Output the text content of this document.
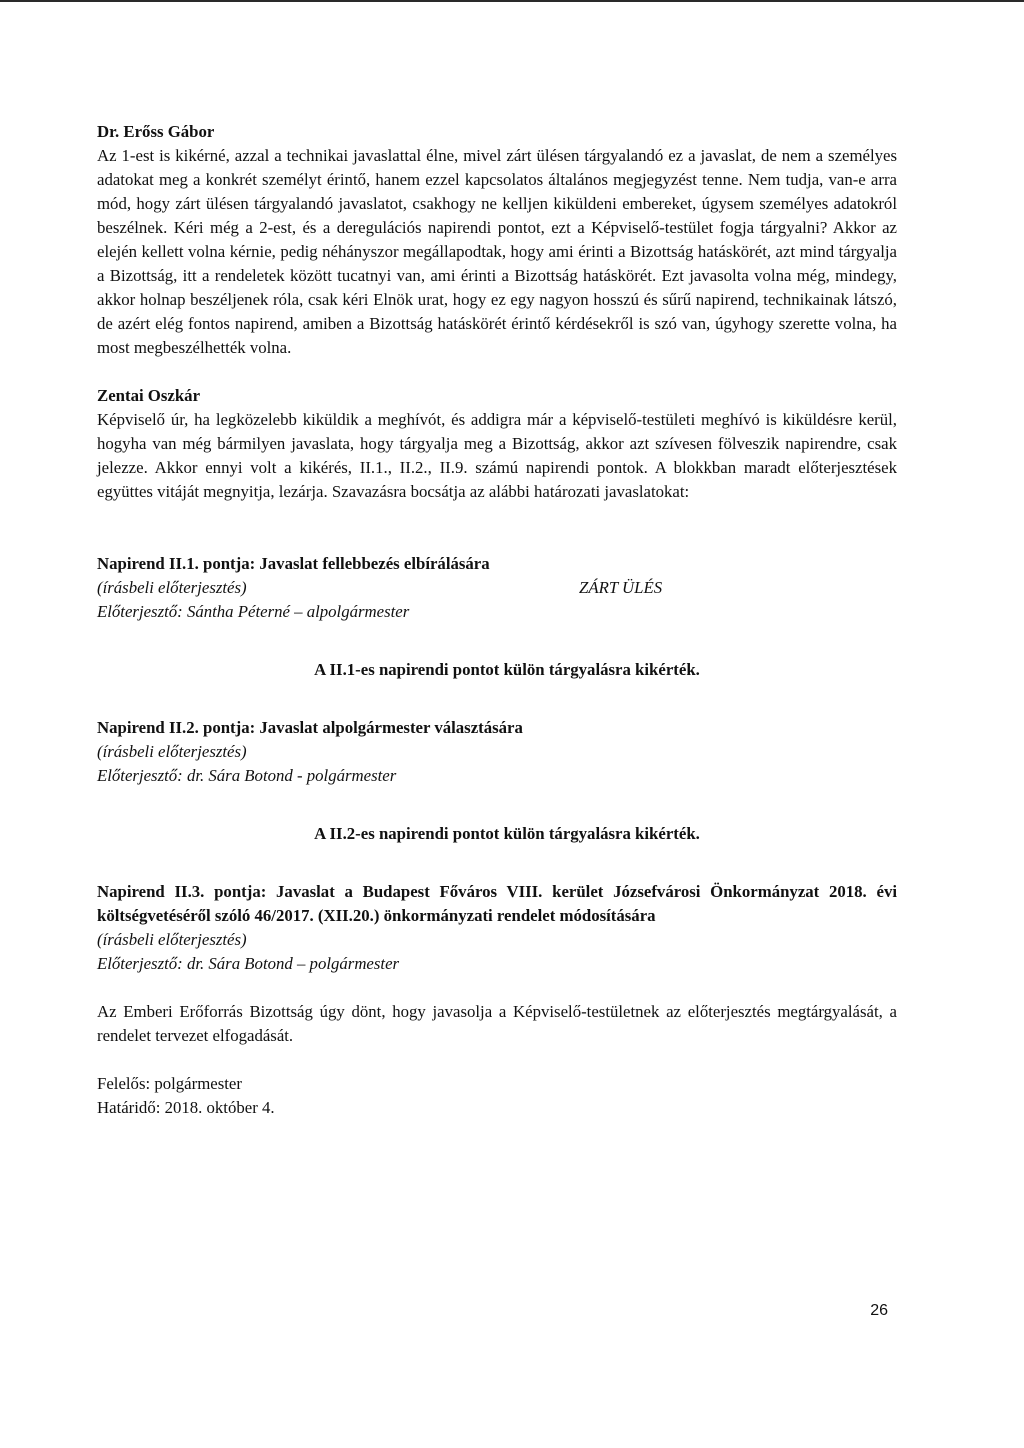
Dr. Erőss Gábor

Az 1-est is kikérné, azzal a technikai javaslattal élne, mivel zárt ülésen tárgyalandó ez a javaslat, de nem a személyes adatokat meg a konkrét személyt érintő, hanem ezzel kapcsolatos általános megjegyzést tenne. Nem tudja, van-e arra mód, hogy zárt ülésen tárgyalandó javaslatot, csakhogy ne kelljen kiküldeni embereket, úgysem személyes adatokról beszélnek. Kéri még a 2-est, és a deregulációs napirendi pontot, ezt a Képviselő-testület fogja tárgyalni? Akkor az elején kellett volna kérnie, pedig néhányszor megállapodtak, hogy ami érinti a Bizottság hatáskörét, azt mind tárgyalja a Bizottság, itt a rendeletek között tucatnyi van, ami érinti a Bizottság hatáskörét. Ezt javasolta volna még, mindegy, akkor holnap beszéljenek róla, csak kéri Elnök urat, hogy ez egy nagyon hosszú és sűrű napirend, technikainak látszó, de azért elég fontos napirend, amiben a Bizottság hatáskörét érintő kérdésekről is szó van, úgyhogy szerette volna, ha most megbeszélhették volna.

Zentai Oszkár

Képviselő úr, ha legközelebb kiküldik a meghívót, és addigra már a képviselő-testületi meghívó is kiküldésre kerül, hogyha van még bármilyen javaslata, hogy tárgyalja meg a Bizottság, akkor azt szívesen fölveszik napirendre, csak jelezze. Akkor ennyi volt a kikérés, II.1., II.2., II.9. számú napirendi pontok. A blokkban maradt előterjesztések együttes vitáját megnyitja, lezárja. Szavazásra bocsátja az alábbi határozati javaslatokat:

Napirend II.1. pontja: Javaslat fellebbezés elbírálására

(írásbeli előterjesztés)	ZÁRT ÜLÉS

Előterjesztő: Sántha Péterné – alpolgármester

A II.1-es napirendi pontot külön tárgyalásra kikérték.

Napirend II.2. pontja: Javaslat alpolgármester választására

(írásbeli előterjesztés)

Előterjesztő: dr. Sára Botond - polgármester

A II.2-es napirendi pontot külön tárgyalásra kikérték.

Napirend II.3. pontja: Javaslat a Budapest Főváros VIII. kerület Józsefvárosi Önkormányzat 2018. évi költségvetéséről szóló 46/2017. (XII.20.) önkormányzati rendelet módosítására

(írásbeli előterjesztés)

Előterjesztő: dr. Sára Botond – polgármester

Az Emberi Erőforrás Bizottság úgy dönt, hogy javasolja a Képviselő-testületnek az előterjesztés megtárgyalását, a rendelet tervezet elfogadását.

Felelős: polgármester

Határidő: 2018. október 4.

26
